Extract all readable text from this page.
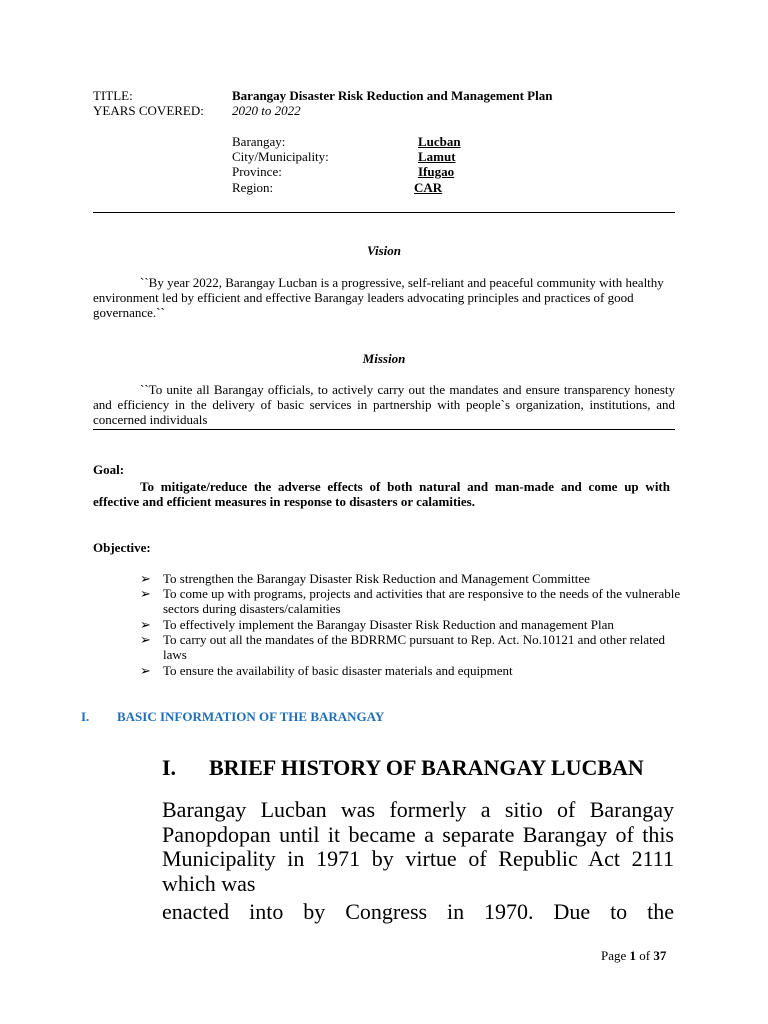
TITLE:	Barangay Disaster Risk Reduction and Management Plan
YEARS COVERED: 2020 to 2022
Barangay:	Lucban
City/Municipality:	Lamut
Province:	Ifugao
Region:	CAR
Vision
``By year 2022, Barangay Lucban is a progressive, self-reliant and peaceful community with healthy environment led by efficient and effective Barangay leaders advocating principles and practices of good governance.``
Mission
``To unite all Barangay officials, to actively carry out the mandates and ensure transparency honesty and efficiency in the delivery of basic services in partnership with people`s organization, institutions, and concerned individuals
Goal:
To mitigate/reduce the adverse effects of both natural and man-made and come up with effective and efficient measures in response to disasters or calamities.
Objective:
➢ To strengthen the Barangay Disaster Risk Reduction and Management Committee
➢ To come up with programs, projects and activities that are responsive to the needs of the vulnerable sectors during disasters/calamities
➢ To effectively implement the Barangay Disaster Risk Reduction and management Plan
➢ To carry out all the mandates of the BDRRMC pursuant to Rep. Act. No.10121 and other related laws
➢ To ensure the availability of basic disaster materials and equipment
I. BASIC INFORMATION OF THE BARANGAY
I. BRIEF HISTORY OF BARANGAY LUCBAN
Barangay Lucban was formerly a sitio of Barangay Panopdopan until it became a separate Barangay of this Municipality in 1971 by virtue of Republic Act 2111 which was
enacted into by Congress in 1970. Due to the
Page 1 of 37
